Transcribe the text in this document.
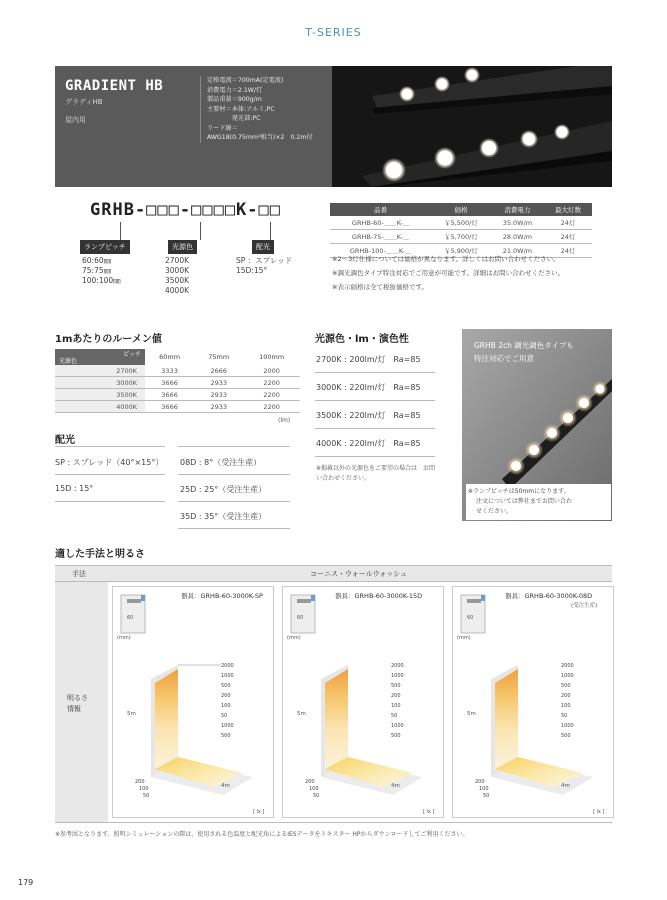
T-SERIES
GRADIENT HB
グラディHB
屋内用
定格電流＝700mA(定電流)
消費電力＝2.1W/灯
製品重量＝900g/m
主要材＝本体:アルミ,PC
　　　　発光部:PC
リード線＝
AWG18(0.75mm²相当)×2　0.2m付
GRHB-□□□-□□□□K-□□
ランプピッチ
60:60㎜
75:75㎜
100:100㎜
光源色
2700K
3000K
3500K
4000K
配光
SP ：スプレッド
15D:15°
品番	価格	消費電力	最大灯数
GRHB-60-＿＿K-＿	￥5,500/灯	35.0W/m	24灯
GRHB-75-＿＿K-＿	￥5,700/灯	28.0W/m	24灯
GRHB-100-＿＿K-＿	￥5,900/灯	21.0W/m	24灯
※2～3灯仕様については価格が異なります。詳しくはお問い合わせください。
※調光調色タイプ特注対応でご用意が可能です。詳細はお問い合わせください。
※表示価格は全て税抜価格です。
1mあたりのルーメン値
ピッチ
光源色	60mm	75mm	100mm
2700K	3333	2666	2000
3000K	3666	2933	2200
3500K	3666	2933	2200
4000K	3666	2933	2200
(lm)
配光
SP : スプレッド（40°×15°） 08D : 8°（受注生産）
15D : 15°	25D : 25°（受注生産）
35D : 35°（受注生産）
光源色・lm・演色性
2700K : 200lm/灯　Ra=85
3000K : 220lm/灯　Ra=85
3500K : 220lm/灯　Ra=85
4000K : 220lm/灯　Ra=85
※掲載以外の光源色をご要望の場合は　お問い合わせください。
GRHB 2ch 調光調色タイプも
特注対応でご用意
※ランプピッチは50mmになります。
注文については弊社までお問い合わ
せください。
適した手法と明るさ
手法	コーニス・ウォールウォッシュ
明るさ
情報
器具：GRHB-60-3000K-SP
60
(mm)
5m
4m
[ lx ]
2000
1000
500
200
100
50
1000
500
200
100
50
器具：GRHB-60-3000K-15D
60
(mm)
5m
4m
[ lx ]
2000
1000
500
200
100
50
1000
500
200
100
50
器具：GRHB-60-3000K-08D
(受注生産)
60
(mm)
5m
4m
[ lx ]
2000
1000
500
200
100
50
1000
500
200
100
50
※参考図となります。照明シミュレーションの際は、使用される色温度と配光角によるIESデータをトキスター HPからダウンロードしてご利用ください。
179
